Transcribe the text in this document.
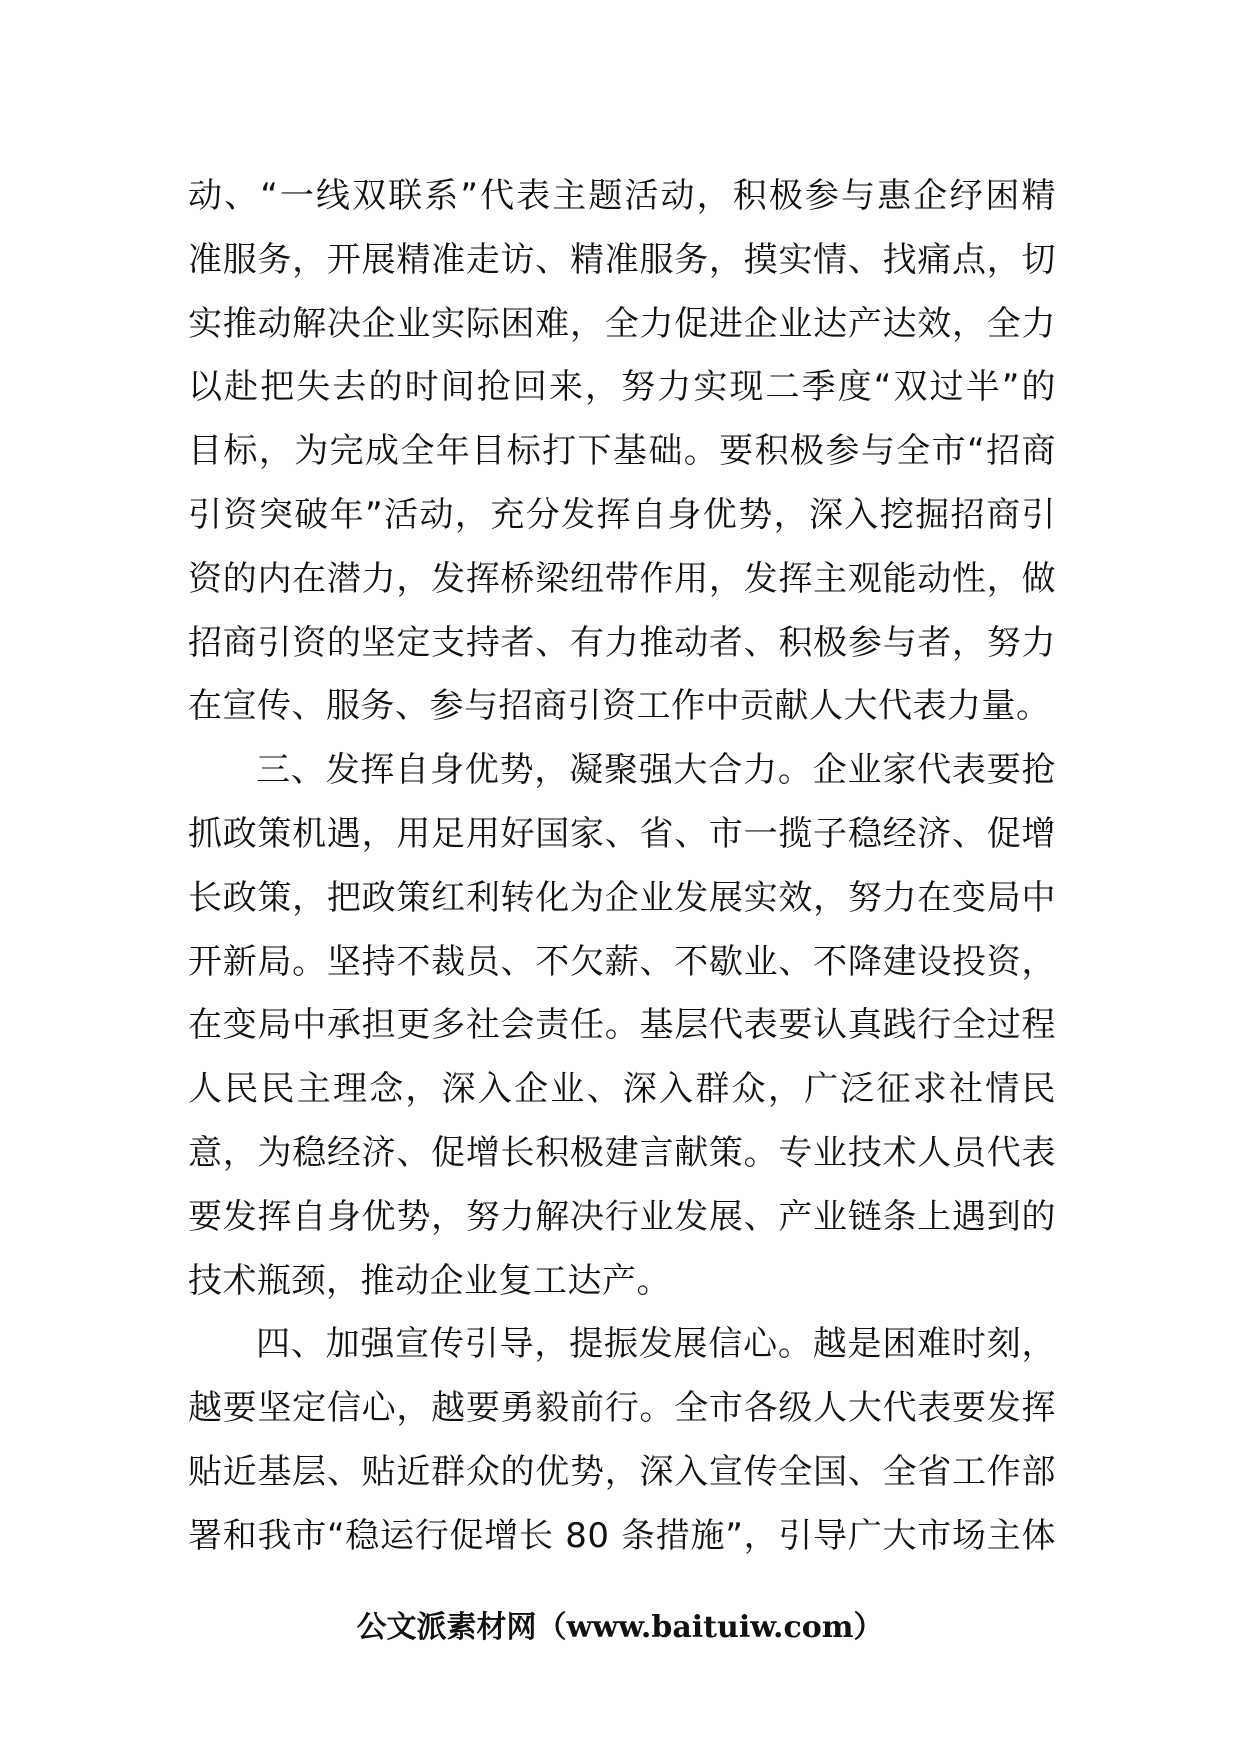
动、“一线双联系”代表主题活动，积极参与惠企纾困精
准服务，开展精准走访、精准服务，摸实情、找痛点，切
实推动解决企业实际困难，全力促进企业达产达效，全力
以赴把失去的时间抢回来，努力实现二季度“双过半”的
目标，为完成全年目标打下基础。要积极参与全市“招商
引资突破年”活动，充分发挥自身优势，深入挖掘招商引
资的内在潜力，发挥桥梁纽带作用，发挥主观能动性，做
招商引资的坚定支持者、有力推动者、积极参与者，努力
在宣传、服务、参与招商引资工作中贡献人大代表力量。
三、发挥自身优势，凝聚强大合力。企业家代表要抢
抓政策机遇，用足用好国家、省、市一揽子稳经济、促增
长政策，把政策红利转化为企业发展实效，努力在变局中
开新局。坚持不裁员、不欠薪、不歇业、不降建设投资，
在变局中承担更多社会责任。基层代表要认真践行全过程
人民民主理念，深入企业、深入群众，广泛征求社情民
意，为稳经济、促增长积极建言献策。专业技术人员代表
要发挥自身优势，努力解决行业发展、产业链条上遇到的
技术瓶颈，推动企业复工达产。
四、加强宣传引导，提振发展信心。越是困难时刻，
越要坚定信心，越要勇毅前行。全市各级人大代表要发挥
贴近基层、贴近群众的优势，深入宣传全国、全省工作部
署和我市“稳运行促增长 80 条措施”，引导广大市场主体
公文派素材网（www.baituiw.com）
